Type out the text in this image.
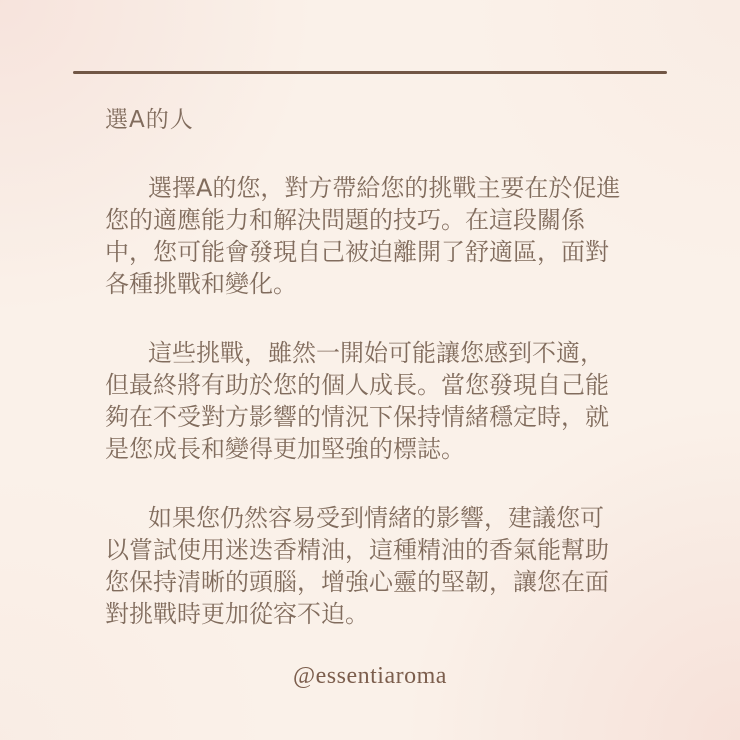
選A的人

選擇A的您，對方帶給您的挑戰主要在於促進您的適應能力和解決問題的技巧。在這段關係中，您可能會發現自己被迫離開了舒適區，面對各種挑戰和變化。

這些挑戰，雖然一開始可能讓您感到不適，但最終將有助於您的個人成長。當您發現自己能夠在不受對方影響的情況下保持情緒穩定時，就是您成長和變得更加堅強的標誌。

如果您仍然容易受到情緒的影響，建議您可以嘗試使用迷迭香精油，這種精油的香氣能幫助您保持清晰的頭腦，增強心靈的堅韌，讓您在面對挑戰時更加從容不迫。

@essentiaroma
